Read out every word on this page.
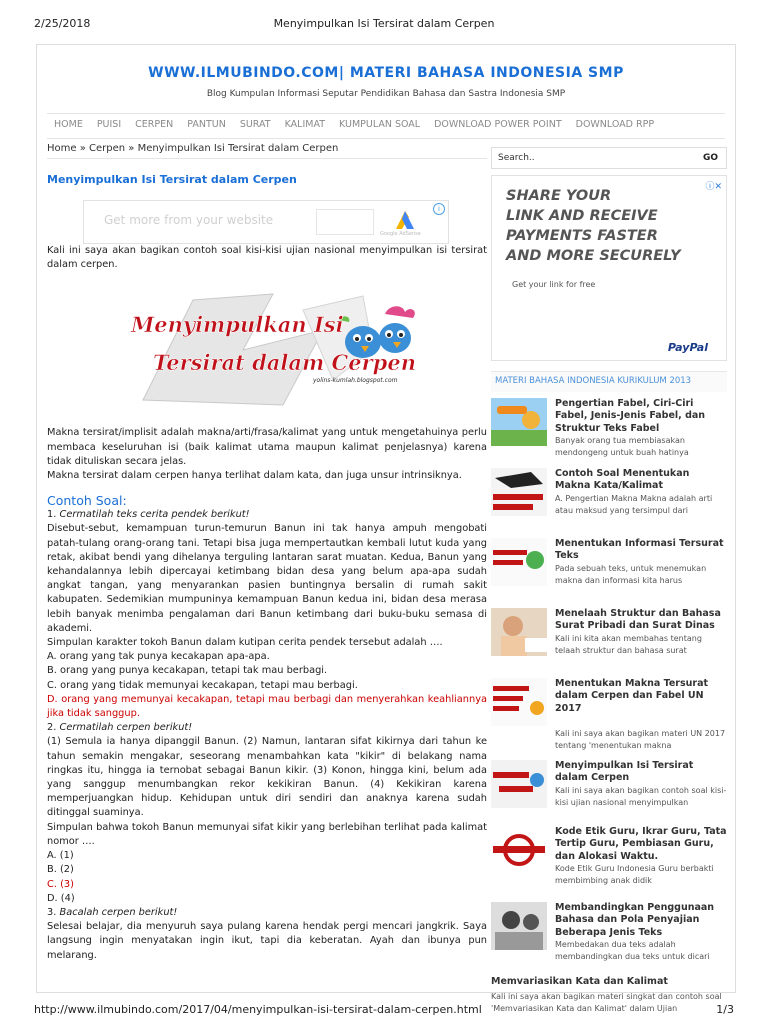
2/25/2018	Menyimpulkan Isi Tersirat dalam Cerpen
WWW.ILMUBINDO.COM| MATERI BAHASA INDONESIA SMP
Blog Kumpulan Informasi Seputar Pendidikan Bahasa dan Sastra Indonesia SMP
HOME	PUISI	CERPEN	PANTUN	SURAT	KALIMAT	KUMPULAN SOAL	DOWNLOAD POWER POINT	DOWNLOAD RPP
Home » Cerpen » Menyimpulkan Isi Tersirat dalam Cerpen
Menyimpulkan Isi Tersirat dalam Cerpen
Get more from your website
Google AdSense
i

Kali ini saya akan bagikan contoh soal kisi-kisi ujian nasional menyimpulkan isi tersirat dalam cerpen.

Menyimpulkan Isi
Tersirat dalam Cerpen
yolins-kumlah.blogspot.com

Makna tersirat/implisit adalah makna/arti/frasa/kalimat yang untuk mengetahuinya perlu membaca keseluruhan isi (baik kalimat utama maupun kalimat penjelasnya) karena tidak dituliskan secara jelas.

Makna tersirat dalam cerpen hanya terlihat dalam kata, dan juga unsur intrinsiknya.

Contoh Soal:

1. Cermatilah teks cerita pendek berikut!

Disebut-sebut, kemampuan turun-temurun Banun ini tak hanya ampuh mengobati patah-tulang orang-orang tani. Tetapi bisa juga mempertautkan kembali lutut kuda yang retak, akibat bendi yang dihelanya terguling lantaran sarat muatan. Kedua, Banun yang kehandalannya lebih dipercayai ketimbang bidan desa yang belum apa-apa sudah angkat tangan, yang menyarankan pasien buntingnya bersalin di rumah sakit kabupaten. Sedemikian mumpuninya kemampuan Banun kedua ini, bidan desa merasa lebih banyak menimba pengalaman dari Banun ketimbang dari buku-buku semasa di akademi.

Simpulan karakter tokoh Banun dalam kutipan cerita pendek tersebut adalah ….

A. orang yang tak punya kecakapan apa-apa.

B. orang yang punya kecakapan, tetapi tak mau berbagi.

C. orang yang tidak memunyai kecakapan, tetapi mau berbagi.

D. orang yang memunyai kecakapan, tetapi mau berbagi dan menyerahkan keahliannya jika tidak sanggup.

2. Cermatilah cerpen berikut!

(1) Semula ia hanya dipanggil Banun. (2) Namun, lantaran sifat kikirnya dari tahun ke tahun semakin mengakar, seseorang menambahkan kata "kikir" di belakang nama ringkas itu, hingga ia ternobat sebagai Banun kikir. (3) Konon, hingga kini, belum ada yang sanggup menumbangkan rekor kekikiran Banun. (4) Kekikiran karena memperjuangkan hidup. Kehidupan untuk diri sendiri dan anaknya karena sudah ditinggal suaminya.

Simpulan bahwa tokoh Banun memunyai sifat kikir yang berlebihan terlihat pada kalimat nomor ….

A. (1)

B. (2)

C. (3)

D. (4)

3. Bacalah cerpen berikut!

Selesai belajar, dia menyuruh saya pulang karena hendak pergi mencari jangkrik. Saya langsung ingin menyatakan ingin ikut, tapi dia keberatan. Ayah dan ibunya pun melarang.

Search..	GO
ⓘ✕
SHARE YOUR
LINK AND RECEIVE
PAYMENTS FASTER
AND MORE SECURELY
Get your link for free
PayPal
MATERI BAHASA INDONESIA KURIKULUM 2013
Pengertian Fabel, Ciri-Ciri Fabel, Jenis-Jenis Fabel, dan Struktur Teks Fabel
Banyak orang tua membiasakan mendongeng untuk buah hatinya
Contoh Soal Menentukan Makna Kata/Kalimat
A. Pengertian Makna Makna adalah arti atau maksud yang tersimpul dari
Menentukan Informasi Tersurat Teks
Pada sebuah teks, untuk menemukan makna dan informasi kita harus
Menelaah Struktur dan Bahasa Surat Pribadi dan Surat Dinas
Kali ini kita akan membahas tentang telaah struktur dan bahasa surat
Menentukan Makna Tersurat dalam Cerpen dan Fabel UN 2017
Kali ini saya akan bagikan materi UN 2017 tentang 'menentukan makna
Menyimpulkan Isi Tersirat dalam Cerpen
Kali ini saya akan bagikan contoh soal kisi-kisi ujian nasional menyimpulkan
Kode Etik Guru, Ikrar Guru, Tata Tertip Guru, Pembiasan Guru, dan Alokasi Waktu.
Kode Etik Guru Indonesia Guru berbakti membimbing anak didik
Membandingkan Penggunaan Bahasa dan Pola Penyajian Beberapa Jenis Teks
Membedakan dua teks adalah membandingkan dua teks untuk dicari
Memvariasikan Kata dan Kalimat
Kali ini saya akan bagikan materi singkat dan contoh soal 'Memvariasikan Kata dan Kalimat' dalam Ujian
http://www.ilmubindo.com/2017/04/menyimpulkan-isi-tersirat-dalam-cerpen.html	1/3
